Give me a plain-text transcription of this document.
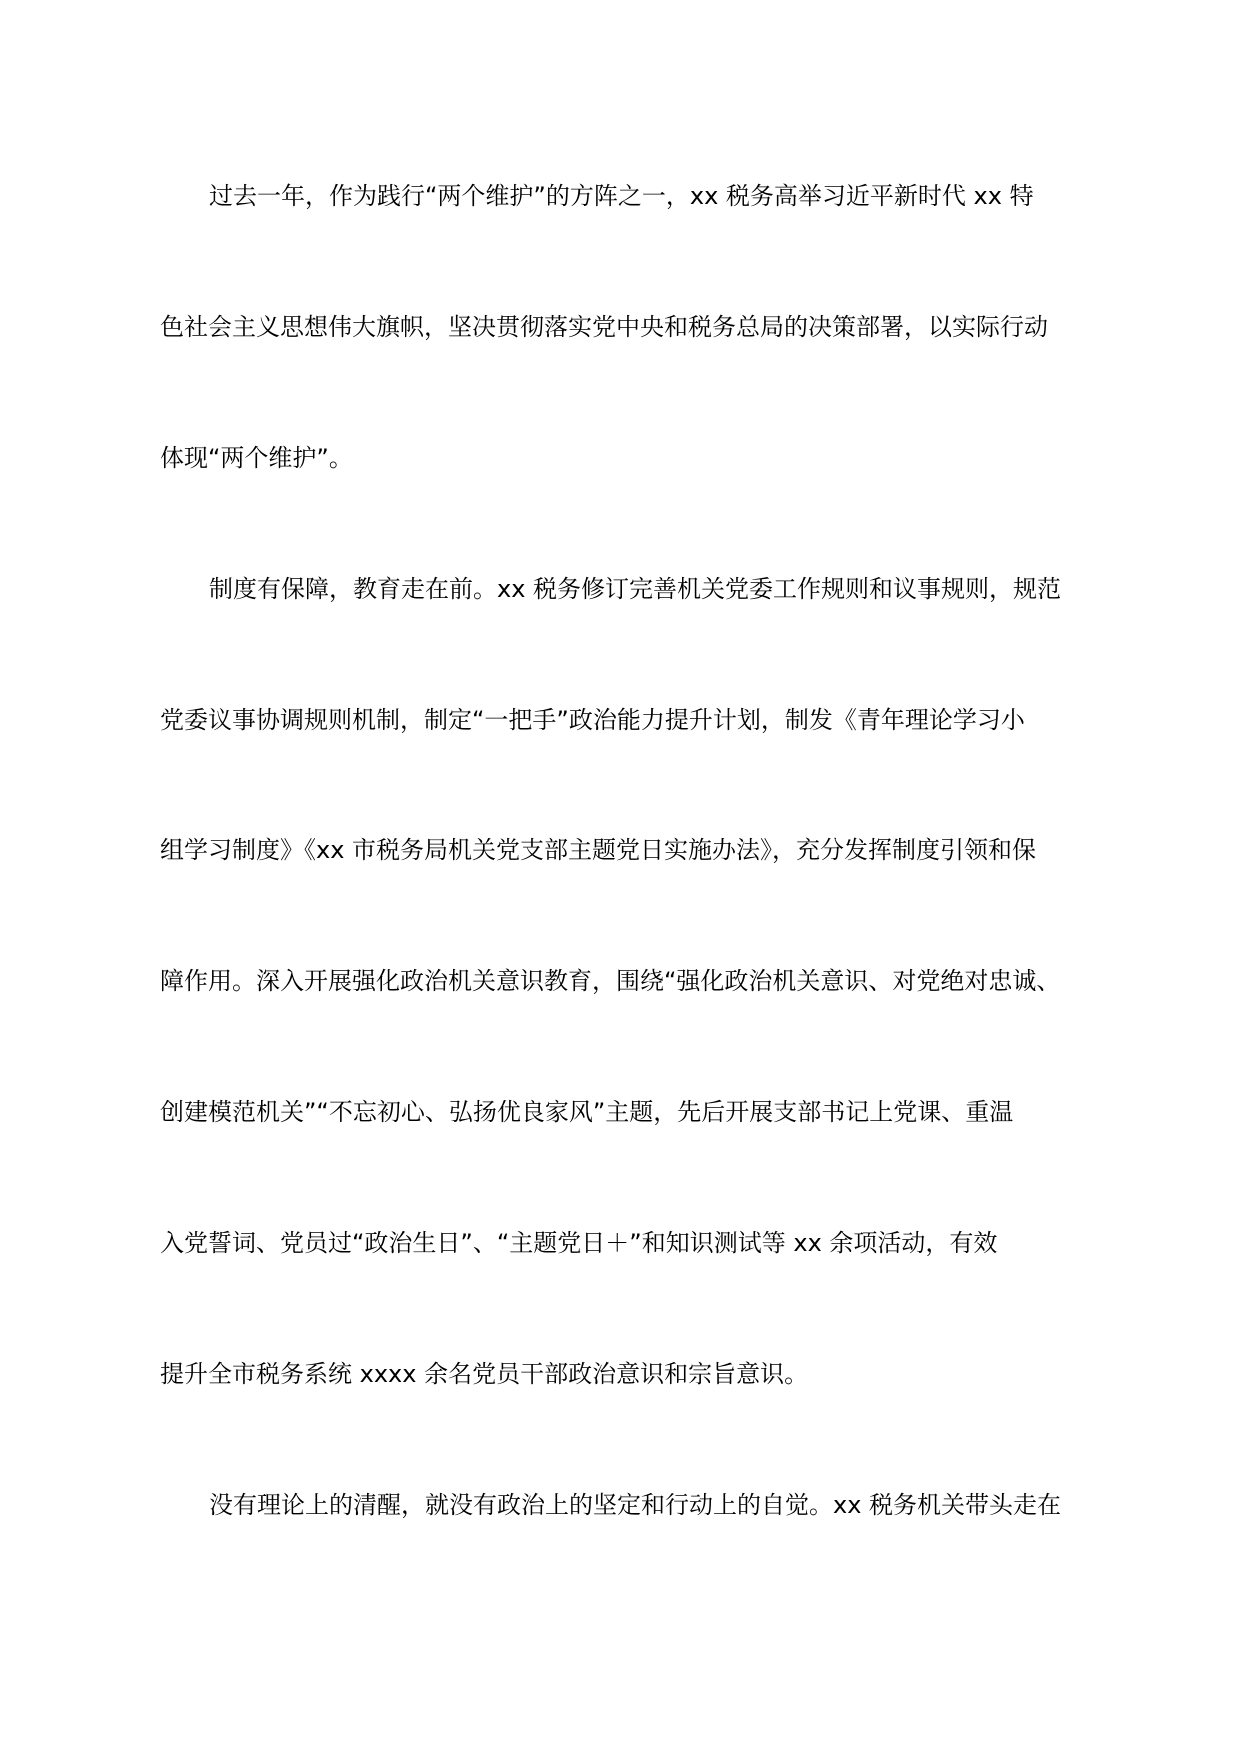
过去一年，作为践行“两个维护”的方阵之一，xx 税务高举习近平新时代 xx 特
色社会主义思想伟大旗帜，坚决贯彻落实党中央和税务总局的决策部署，以实际行动
体现“两个维护”。
制度有保障，教育走在前。xx 税务修订完善机关党委工作规则和议事规则，规范
党委议事协调规则机制，制定“一把手”政治能力提升计划，制发《青年理论学习小
组学习制度》《xx 市税务局机关党支部主题党日实施办法》，充分发挥制度引领和保
障作用。深入开展强化政治机关意识教育，围绕“强化政治机关意识、对党绝对忠诚、
创建模范机关”“不忘初心、弘扬优良家风”主题，先后开展支部书记上党课、重温
入党誓词、党员过“政治生日”、“主题党日＋”和知识测试等 xx 余项活动，有效
提升全市税务系统 xxxx 余名党员干部政治意识和宗旨意识。
没有理论上的清醒，就没有政治上的坚定和行动上的自觉。xx 税务机关带头走在
